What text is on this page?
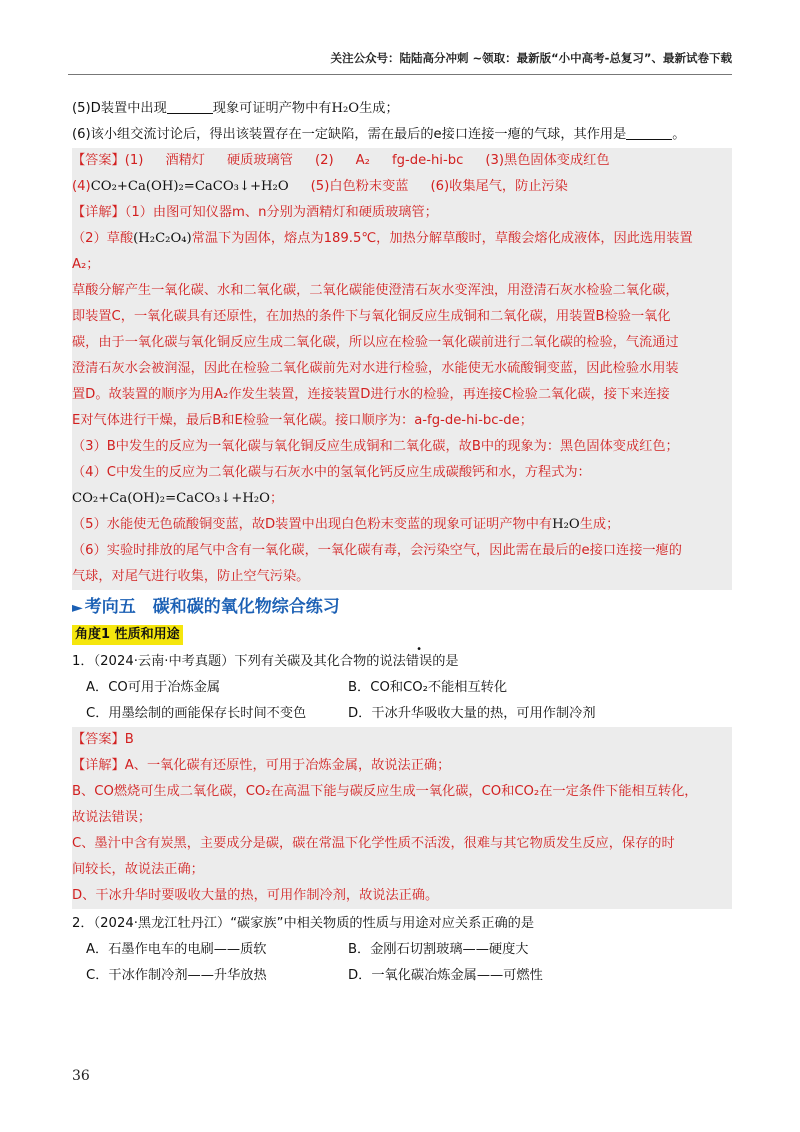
关注公众号：陆陆高分冲刺 ~领取：最新版“小中高考-总复习”、最新试卷下载
(5)D装置中出现	现象可证明产物中有H₂O生成；
(6)该小组交流讨论后，得出该装置存在一定缺陷，需在最后的e接口连接一瘪的气球，其作用是	。
【答案】(1) 酒精灯 硬质玻璃管 (2) A₂ fg-de-hi-bc (3)黑色固体变成红色
(4)CO₂+Ca(OH)₂=CaCO₃↓+H₂O (5)白色粉末变蓝 (6)收集尾气，防止污染
【详解】（1）由图可知仪器m、n分别为酒精灯和硬质玻璃管；
（2）草酸(H₂C₂O₄)常温下为固体，熔点为189.5℃，加热分解草酸时，草酸会熔化成液体，因此选用装置
A₂；
草酸分解产生一氧化碳、水和二氧化碳，二氧化碳能使澄清石灰水变浑浊，用澄清石灰水检验二氧化碳，
即装置C，一氧化碳具有还原性，在加热的条件下与氧化铜反应生成铜和二氧化碳，用装置B检验一氧化
碳，由于一氧化碳与氧化铜反应生成二氧化碳，所以应在检验一氧化碳前进行二氧化碳的检验，气流通过
澄清石灰水会被润湿，因此在检验二氧化碳前先对水进行检验，水能使无水硫酸铜变蓝，因此检验水用装
置D。故装置的顺序为用A₂作发生装置，连接装置D进行水的检验，再连接C检验二氧化碳，接下来连接
E对气体进行干燥，最后B和E检验一氧化碳。接口顺序为：a-fg-de-hi-bc-de；
（3）B中发生的反应为一氧化碳与氧化铜反应生成铜和二氧化碳，故B中的现象为：黑色固体变成红色；
（4）C中发生的反应为二氧化碳与石灰水中的氢氧化钙反应生成碳酸钙和水，方程式为：
CO₂+Ca(OH)₂=CaCO₃↓+H₂O；
（5）水能使无色硫酸铜变蓝，故D装置中出现白色粉末变蓝的现象可证明产物中有H₂O生成；
（6）实验时排放的尾气中含有一氧化碳，一氧化碳有毒，会污染空气，因此需在最后的e接口连接一瘪的
气球，对尾气进行收集，防止空气污染。
► 考向五　碳和碳的氧化物综合练习
角度1 性质和用途
1．（2024·云南·中考真题）下列有关碳及其化合物的说法错误的是
A．CO可用于冶炼金属	B．CO和CO₂不能相互转化
C．用墨绘制的画能保存长时间不变色	D．干冰升华吸收大量的热，可用作制冷剂
【答案】B
【详解】A、一氧化碳有还原性，可用于冶炼金属，故说法正确；
B、CO燃烧可生成二氧化碳，CO₂在高温下能与碳反应生成一氧化碳，CO和CO₂在一定条件下能相互转化，
故说法错误；
C、墨汁中含有炭黑，主要成分是碳，碳在常温下化学性质不活泼，很难与其它物质发生反应，保存的时
间较长，故说法正确；
D、干冰升华时要吸收大量的热，可用作制冷剂，故说法正确。
2．（2024·黑龙江牡丹江）“碳家族”中相关物质的性质与用途对应关系正确的是
A．石墨作电车的电刷——质软	B．金刚石切割玻璃——硬度大
C．干冰作制冷剂——升华放热	D．一氧化碳冶炼金属——可燃性
36
